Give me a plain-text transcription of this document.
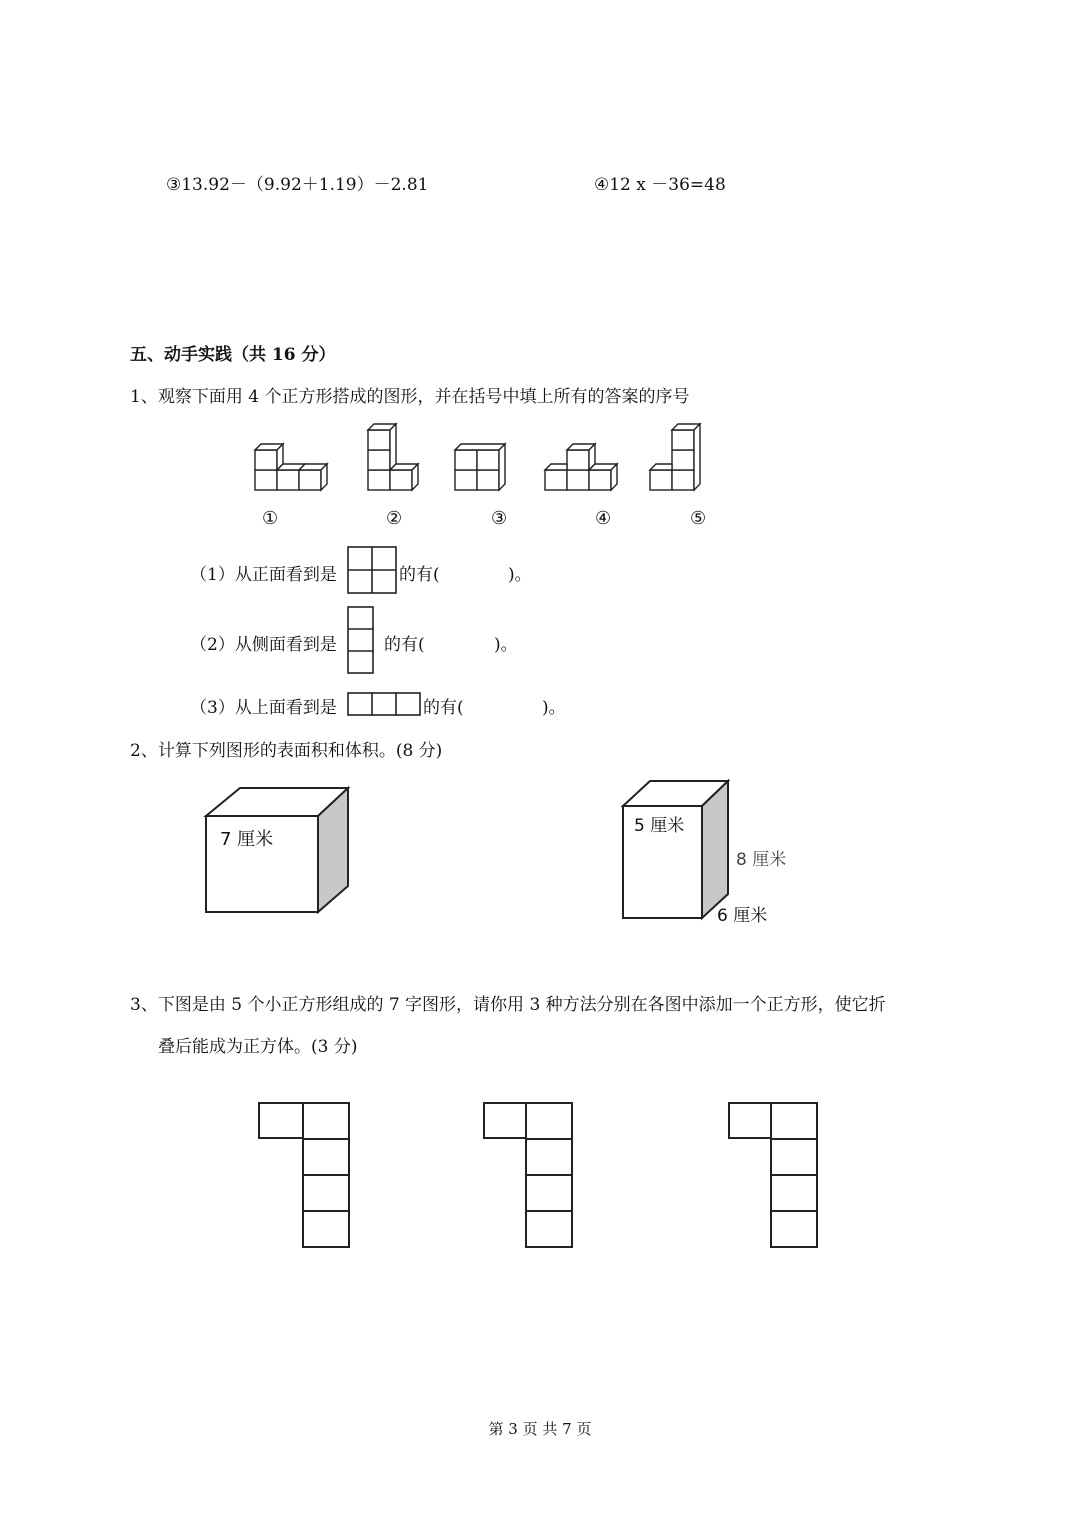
③13.92－（9.92＋1.19）－2.81	④12 x －36=48
五、动手实践（共 16 分）
1、观察下面用 4 个正方形搭成的图形，并在括号中填上所有的答案的序号
①	②	③	④	⑤
（1）从正面看到是	的有(	)。
（2）从侧面看到是	的有(	)。
（3）从上面看到是	的有(	)。
2、计算下列图形的表面积和体积。(8 分)
7 厘米
5 厘米
8 厘米
6 厘米
3、下图是由 5 个小正方形组成的 7 字图形，请你用 3 种方法分别在各图中添加一个正方形，使它折
叠后能成为正方体。(3 分)
第 3 页 共 7 页
